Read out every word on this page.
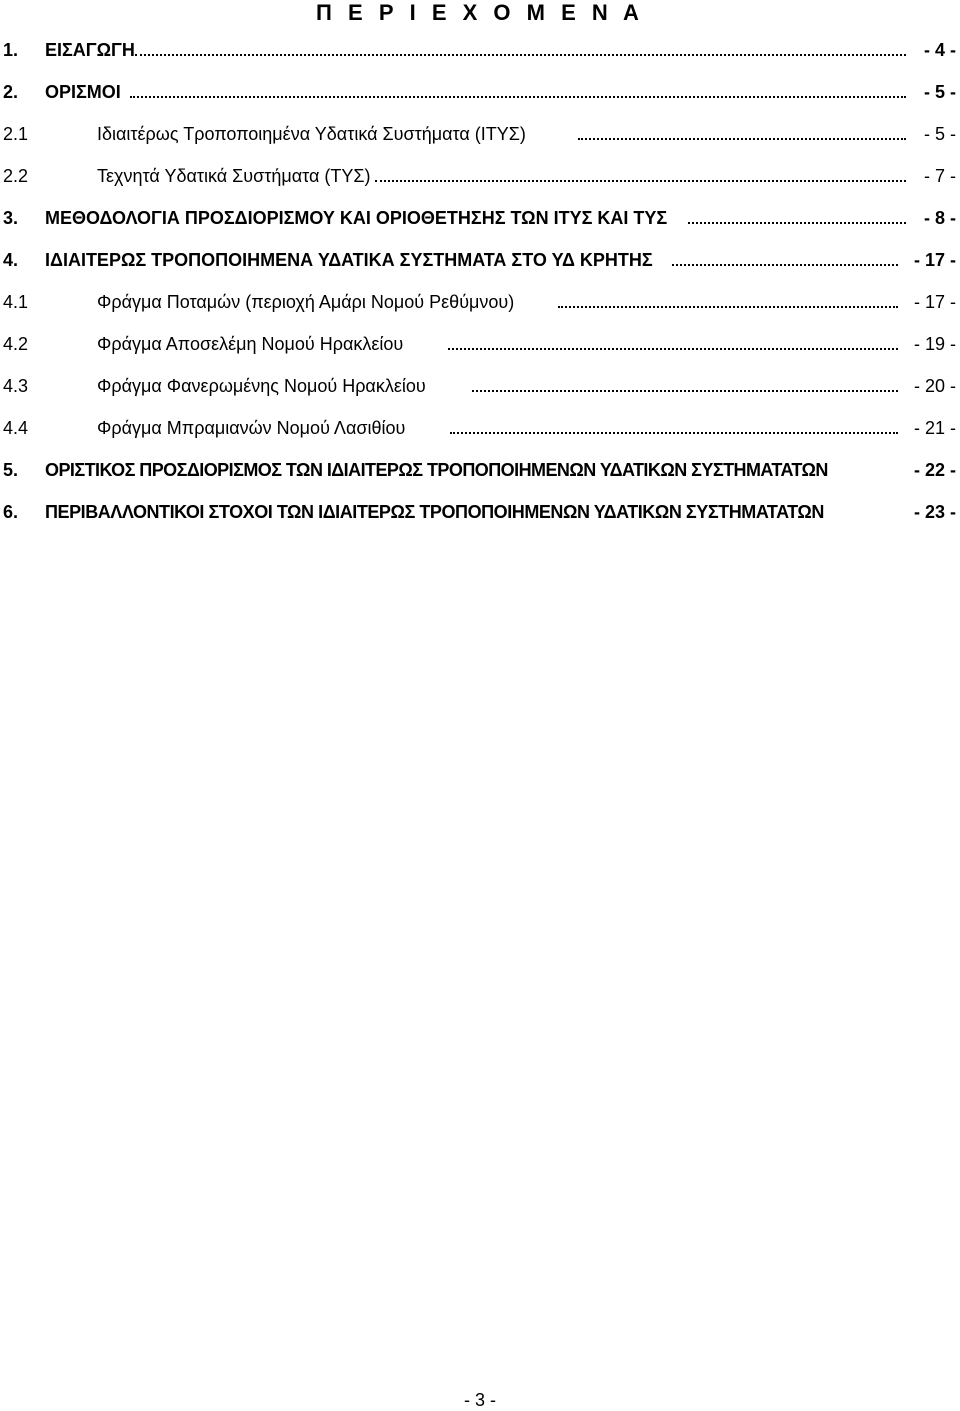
Π Ε Ρ Ι Ε Χ Ο Μ Ε Ν Α
1. ΕΙΣΑΓΩΓΗ	- 4 -
2. ΟΡΙΣΜΟΙ	- 5 -
2.1	Ιδιαιτέρως Τροποποιημένα Υδατικά Συστήματα (ΙΤΥΣ)	- 5 -
2.2	Τεχνητά Υδατικά Συστήματα (ΤΥΣ)	- 7 -
3. ΜΕΘΟΔΟΛΟΓΙΑ ΠΡΟΣΔΙΟΡΙΣΜΟΥ ΚΑΙ ΟΡΙΟΘΕΤΗΣΗΣ ΤΩΝ ΙΤΥΣ ΚΑΙ ΤΥΣ	- 8 -
4. ΙΔΙΑΙΤΕΡΩΣ ΤΡΟΠΟΠΟΙΗΜΕΝΑ ΥΔΑΤΙΚΑ ΣΥΣΤΗΜΑΤΑ ΣΤΟ ΥΔ ΚΡΗΤΗΣ	- 17 -
4.1	Φράγμα Ποταμών (περιοχή Αμάρι Νομού Ρεθύμνου)	- 17 -
4.2	Φράγμα Αποσελέμη Νομού Ηρακλείου	- 19 -
4.3	Φράγμα Φανερωμένης Νομού Ηρακλείου	- 20 -
4.4	Φράγμα Μπραμιανών Νομού Λασιθίου	- 21 -
5. ΟΡΙΣΤΙΚΟΣ ΠΡΟΣΔΙΟΡΙΣΜΟΣ ΤΩΝ ΙΔΙΑΙΤΕΡΩΣ ΤΡΟΠΟΠΟΙΗΜΕΝΩΝ ΥΔΑΤΙΚΩΝ ΣΥΣΤΗΜΑΤΑΤΩΝ	- 22 -
6. ΠΕΡΙΒΑΛΛΟΝΤΙΚΟΙ ΣΤΟΧΟΙ ΤΩΝ ΙΔΙΑΙΤΕΡΩΣ ΤΡΟΠΟΠΟΙΗΜΕΝΩΝ ΥΔΑΤΙΚΩΝ ΣΥΣΤΗΜΑΤΑΤΩΝ	- 23 -
- 3 -
